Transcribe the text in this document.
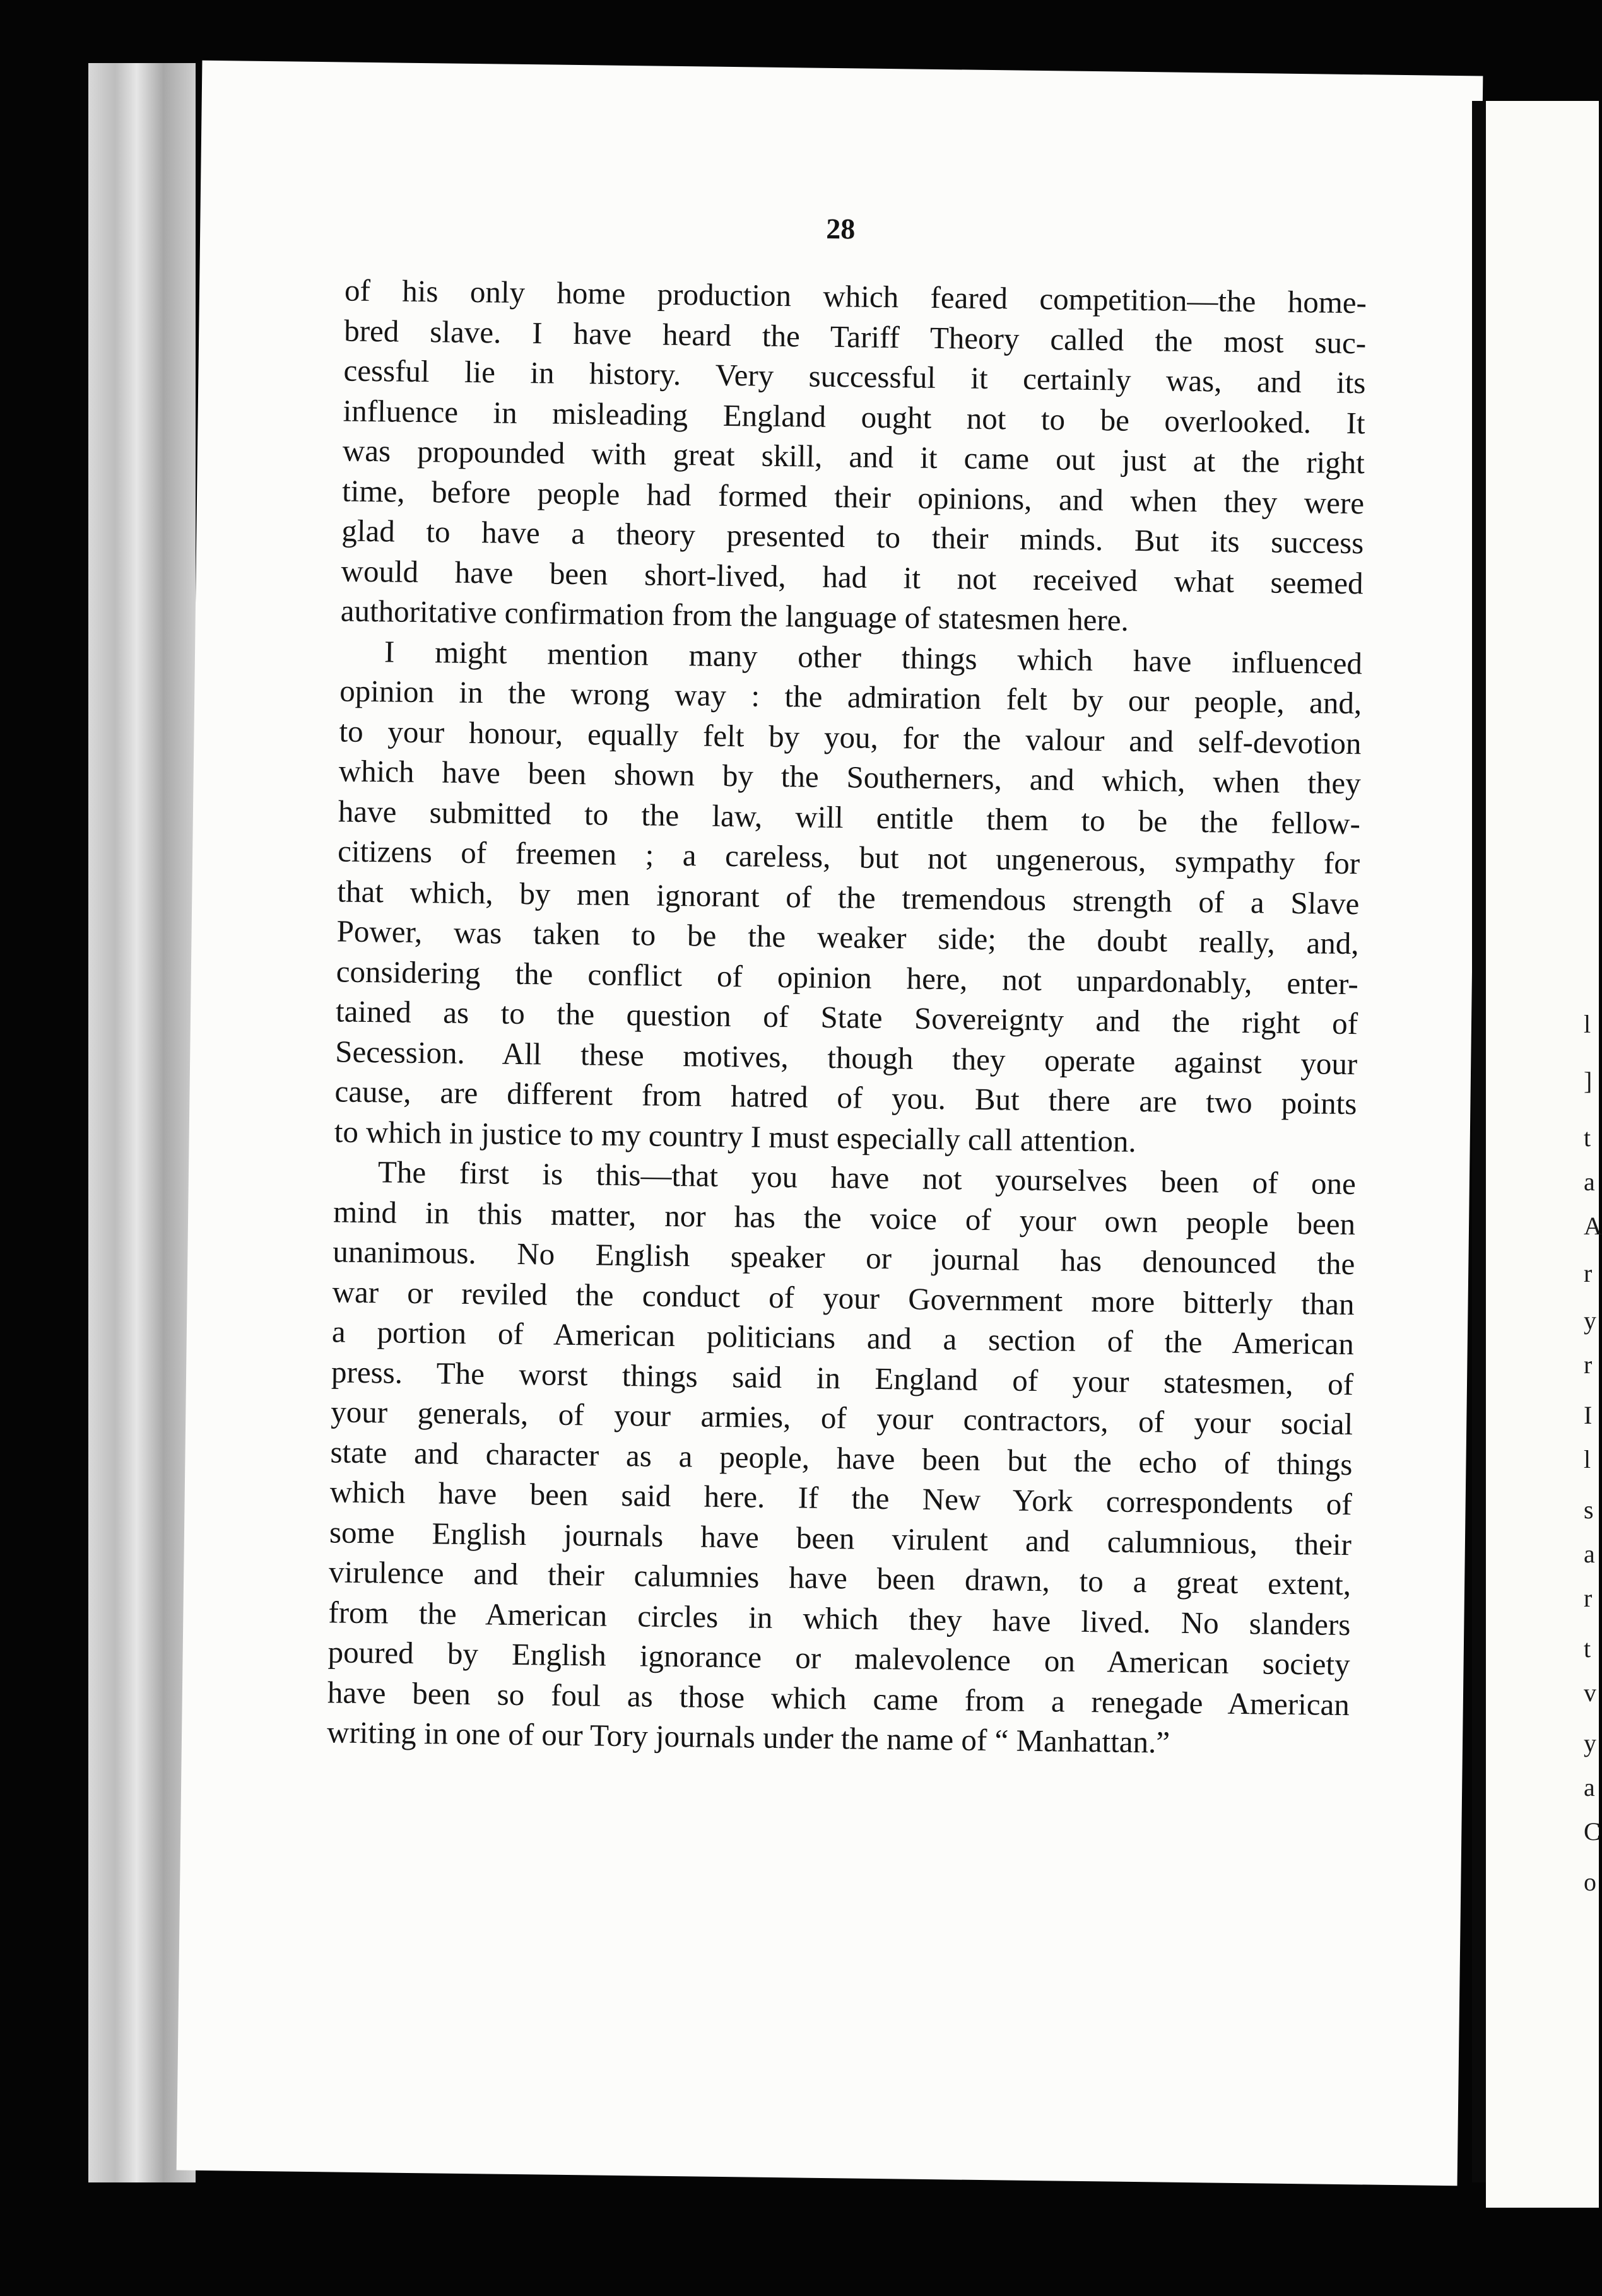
28
of his only home production which feared competition—the home-
bred slave. I have heard the Tariff Theory called the most suc-
cessful lie in history. Very successful it certainly was, and its
influence in misleading England ought not to be overlooked. It
was propounded with great skill, and it came out just at the right
time, before people had formed their opinions, and when they were
glad to have a theory presented to their minds. But its success
would have been short-lived, had it not received what seemed
authoritative confirmation from the language of statesmen here.
I might mention many other things which have influenced
opinion in the wrong way : the admiration felt by our people, and,
to your honour, equally felt by you, for the valour and self-devotion
which have been shown by the Southerners, and which, when they
have submitted to the law, will entitle them to be the fellow-
citizens of freemen ; a careless, but not ungenerous, sympathy for
that which, by men ignorant of the tremendous strength of a Slave
Power, was taken to be the weaker side; the doubt really, and,
considering the conflict of opinion here, not unpardonably, enter-
tained as to the question of State Sovereignty and the right of
Secession. All these motives, though they operate against your
cause, are different from hatred of you. But there are two points
to which in justice to my country I must especially call attention.
The first is this—that you have not yourselves been of one
mind in this matter, nor has the voice of your own people been
unanimous. No English speaker or journal has denounced the
war or reviled the conduct of your Government more bitterly than
a portion of American politicians and a section of the American
press. The worst things said in England of your statesmen, of
your generals, of your armies, of your contractors, of your social
state and character as a people, have been but the echo of things
which have been said here. If the New York correspondents of
some English journals have been virulent and calumnious, their
virulence and their calumnies have been drawn, to a great extent,
from the American circles in which they have lived. No slanders
poured by English ignorance or malevolence on American society
have been so foul as those which came from a renegade American
writing in one of our Tory journals under the name of “ Manhattan.”
l
]
t
a
A
r
y
r
I
l
s
a
r
t
v
y
a
C
o
